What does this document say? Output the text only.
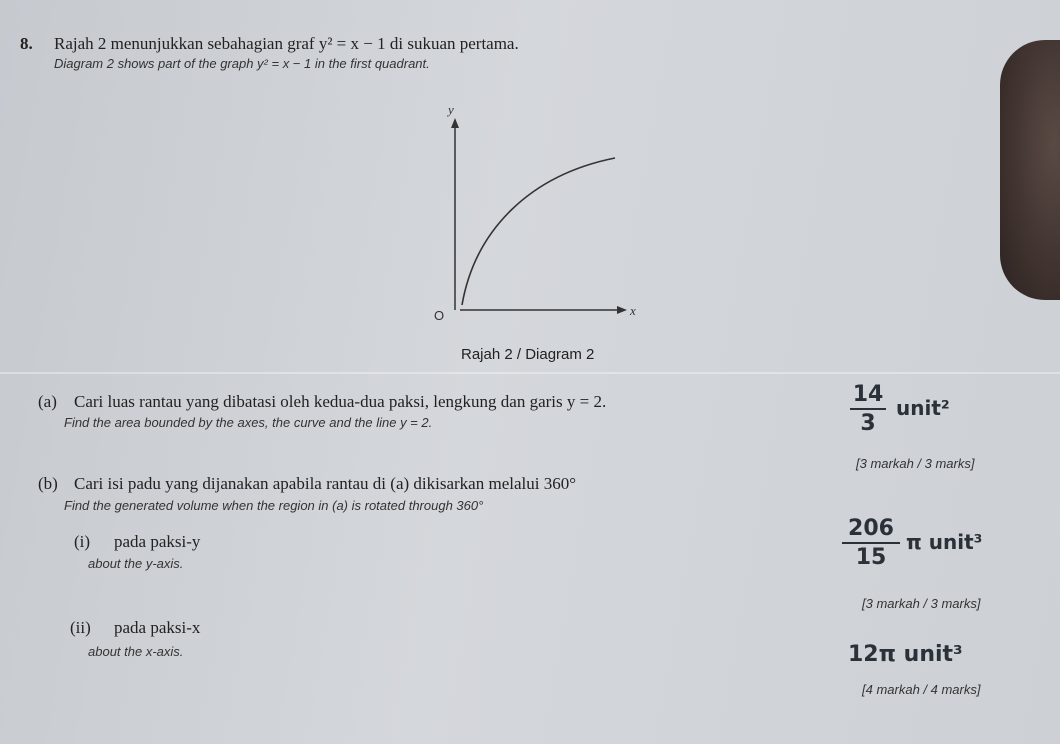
8. Rajah 2 menunjukkan sebahagian graf y² = x − 1 di sukuan pertama.
Diagram 2 shows part of the graph y² = x − 1 in the first quadrant.
y
x
O
Rajah 2 / Diagram 2
(a) Cari luas rantau yang dibatasi oleh kedua-dua paksi, lengkung dan garis y = 2.
Find the area bounded by the axes, the curve and the line y = 2.
14
3
unit²
[3 markah / 3 marks]
(b) Cari isi padu yang dijanakan apabila rantau di (a) dikisarkan melalui 360°
Find the generated volume when the region in (a) is rotated through 360°
(i) pada paksi-y
about the y-axis.
206
15
π unit³
[3 markah / 3 marks]
(ii) pada paksi-x
about the x-axis.	12π unit³
[4 markah / 4 marks]
